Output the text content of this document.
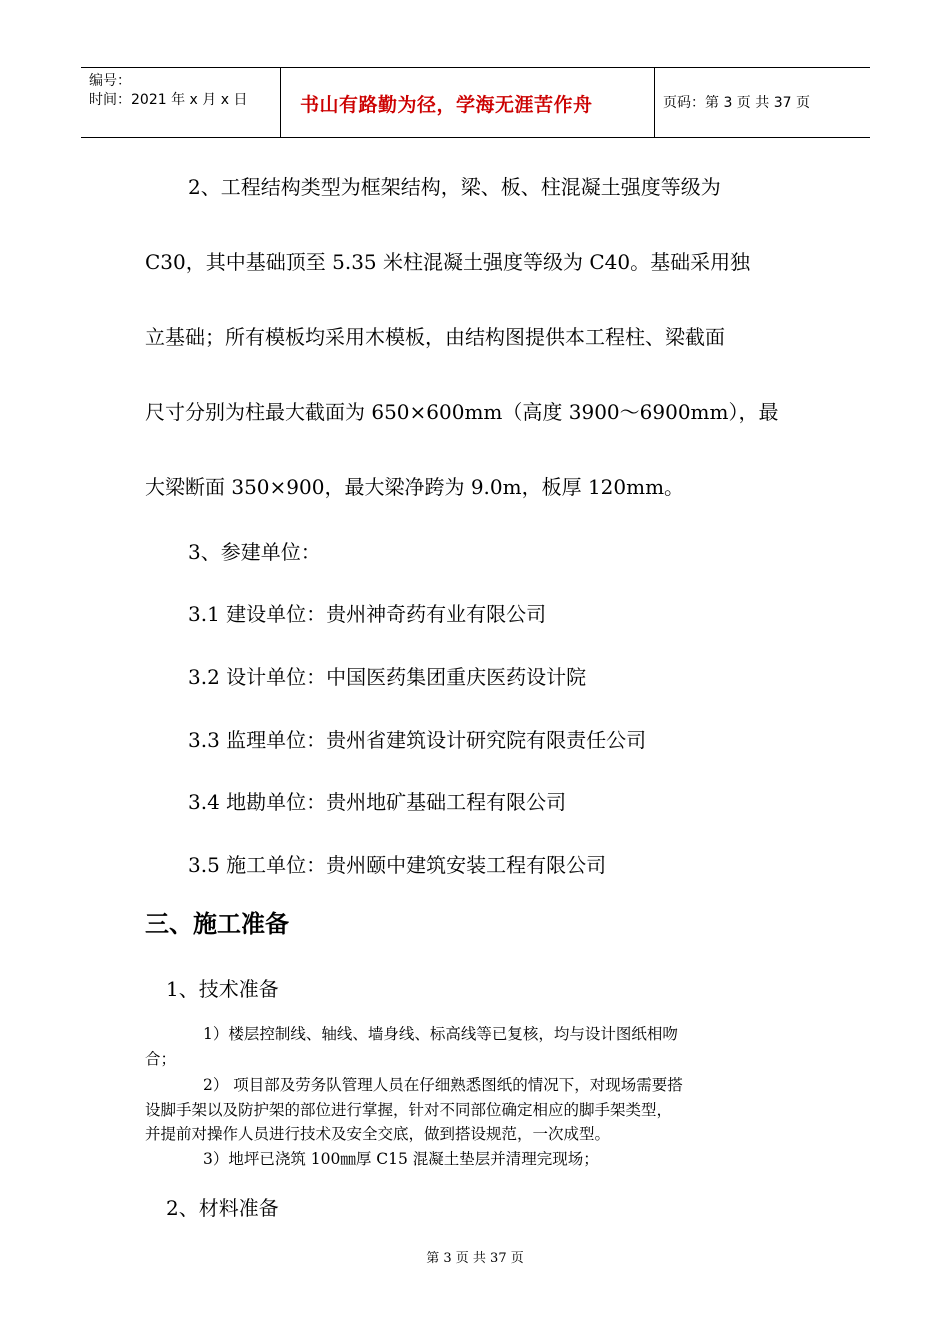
编号：
时间：2021 年 x 月 x 日	书山有路勤为径，学海无涯苦作舟	页码：第 3 页 共 37 页
2、工程结构类型为框架结构，梁、板、柱混凝土强度等级为
C30，其中基础顶至 5.35 米柱混凝土强度等级为 C40。基础采用独
立基础；所有模板均采用木模板，由结构图提供本工程柱、梁截面
尺寸分别为柱最大截面为 650×600mm（高度 3900～6900mm），最
大梁断面 350×900，最大梁净跨为 9.0m，板厚 120mm。
3、参建单位：
3.1 建设单位：贵州神奇药有业有限公司
3.2 设计单位：中国医药集团重庆医药设计院
3.3 监理单位：贵州省建筑设计研究院有限责任公司
3.4 地勘单位：贵州地矿基础工程有限公司
3.5 施工单位：贵州颐中建筑安装工程有限公司
三、施工准备
1、技术准备
1）楼层控制线、轴线、墙身线、标高线等已复核，均与设计图纸相吻
合；
2） 项目部及劳务队管理人员在仔细熟悉图纸的情况下，对现场需要搭
设脚手架以及防护架的部位进行掌握，针对不同部位确定相应的脚手架类型，
并提前对操作人员进行技术及安全交底，做到搭设规范，一次成型。
3）地坪已浇筑 100㎜厚 C15 混凝土垫层并清理完现场；
2、材料准备
第 3 页 共 37 页
